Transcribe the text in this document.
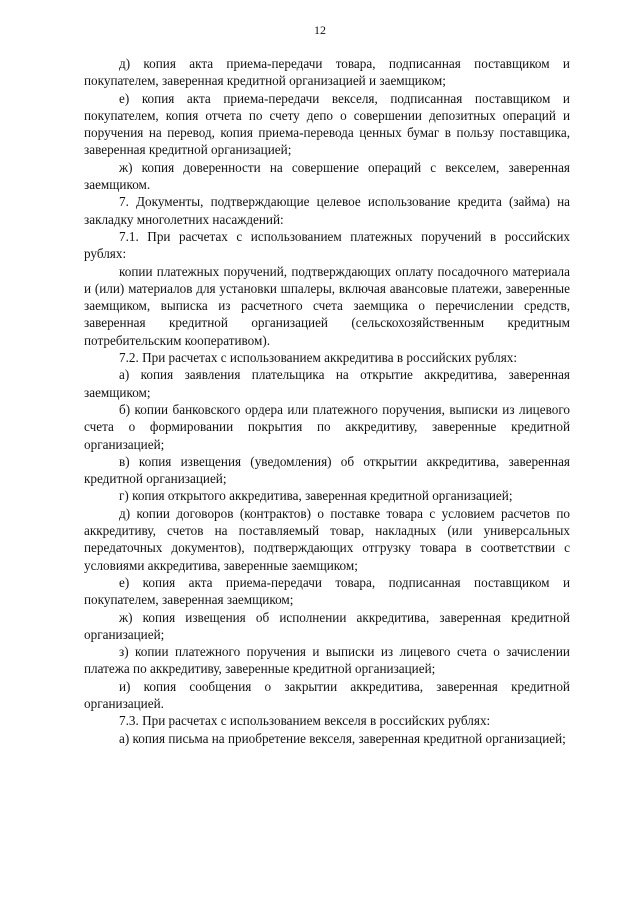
12

д) копия акта приема-передачи товара, подписанная поставщиком и покупателем, заверенная кредитной организацией и заемщиком;

е) копия акта приема-передачи векселя, подписанная поставщиком и покупателем, копия отчета по счету депо о совершении депозитных операций и поручения на перевод, копия приема-перевода ценных бумаг в пользу поставщика, заверенная кредитной организацией;

ж) копия доверенности на совершение операций с векселем, заверенная заемщиком.

7. Документы, подтверждающие целевое использование кредита (займа) на закладку многолетних насаждений:

7.1. При расчетах с использованием платежных поручений в российских рублях:

копии платежных поручений, подтверждающих оплату посадочного материала и (или) материалов для установки шпалеры, включая авансовые платежи, заверенные заемщиком, выписка из расчетного счета заемщика о перечислении средств, заверенная кредитной организацией (сельскохозяйственным кредитным потребительским кооперативом).

7.2. При расчетах с использованием аккредитива в российских рублях:

а) копия заявления плательщика на открытие аккредитива, заверенная заемщиком;

б) копии банковского ордера или платежного поручения, выписки из лицевого счета о формировании покрытия по аккредитиву, заверенные кредитной организацией;

в) копия извещения (уведомления) об открытии аккредитива, заверенная кредитной организацией;

г) копия открытого аккредитива, заверенная кредитной организацией;

д) копии договоров (контрактов) о поставке товара с условием расчетов по аккредитиву, счетов на поставляемый товар, накладных (или универсальных передаточных документов), подтверждающих отгрузку товара в соответствии с условиями аккредитива, заверенные заемщиком;

е) копия акта приема-передачи товара, подписанная поставщиком и покупателем, заверенная заемщиком;

ж) копия извещения об исполнении аккредитива, заверенная кредитной организацией;

з) копии платежного поручения и выписки из лицевого счета о зачислении платежа по аккредитиву, заверенные кредитной организацией;

и) копия сообщения о закрытии аккредитива, заверенная кредитной организацией.

7.3. При расчетах с использованием векселя в российских рублях:

а) копия письма на приобретение векселя, заверенная кредитной организацией;
